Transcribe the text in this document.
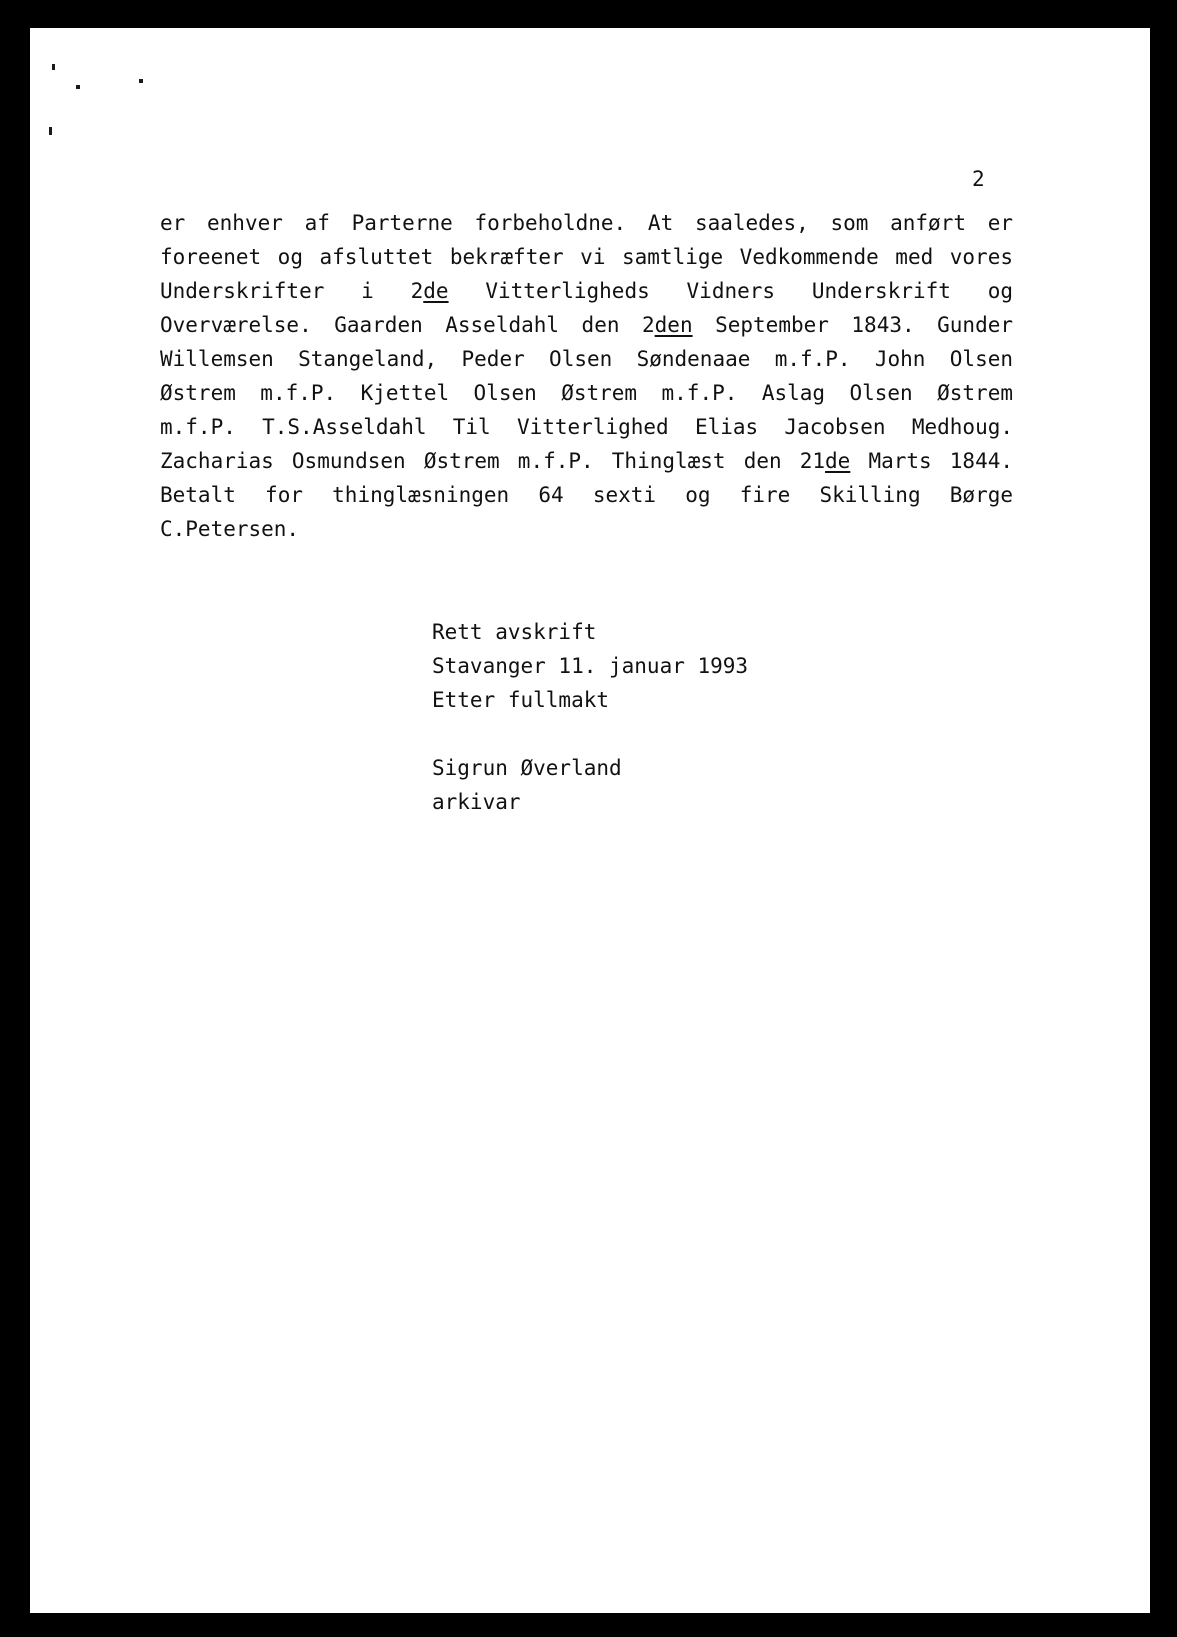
2
er enhver af Parterne forbeholdne. At saaledes, som anført er
foreenet og afsluttet bekræfter vi samtlige Vedkommende med vores
Underskrifter i 2de Vitterligheds Vidners Underskrift og
Overværelse. Gaarden Asseldahl den 2den September 1843. Gunder
Willemsen Stangeland, Peder Olsen Søndenaae m.f.P. John Olsen
Østrem m.f.P. Kjettel Olsen Østrem m.f.P. Aslag Olsen Østrem
m.f.P. T.S.Asseldahl Til Vitterlighed Elias Jacobsen Medhoug.
Zacharias Osmundsen Østrem m.f.P. Thinglæst den 21de Marts 1844.
Betalt for thinglæsningen 64 sexti og fire Skilling Børge
C.Petersen.
Rett avskrift
Stavanger 11. januar 1993
Etter fullmakt
Sigrun Øverland
arkivar
